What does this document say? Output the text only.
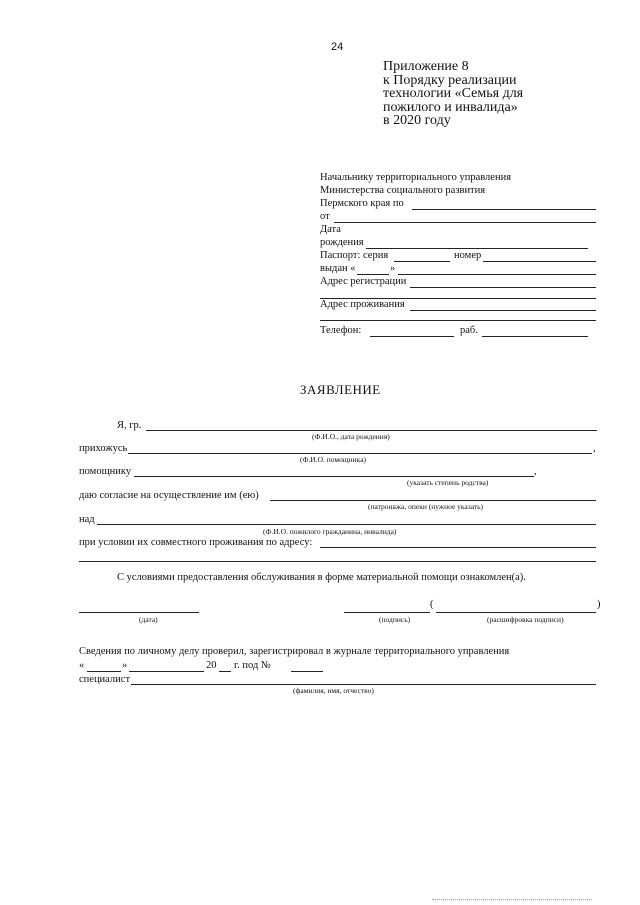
24
Приложение 8
к Порядку реализации
технологии «Семья для
пожилого и инвалида»
в 2020 году
Начальнику территориального управления
Министерства социального развития
Пермского края по
от
Дата
рождения
Паспорт: серия	номер
выдан «	»
Адрес регистрации
Адрес проживания
Телефон:	раб.
ЗАЯВЛЕНИЕ
Я, гр.
(Ф.И.О., дата рождения)
прихожусь	,
(Ф.И.О. помощника)
помощнику	,
(указать степень родства)
даю согласие на осуществление им (ею)
(патронажа, опеки (нужное указать)
над
(Ф.И.О. пожилого гражданина, инвалида)
при условии их совместного проживания по адресу:
С условиями предоставления обслуживания в форме материальной помощи ознакомлен(а).
(дата)	(подпись)
(	)
(расшифровка подписи)
Сведения по личному делу проверил, зарегистрировал в журнале территориального управления
«	»	20 г. под №
специалист
(фамилия, имя, отчество)
